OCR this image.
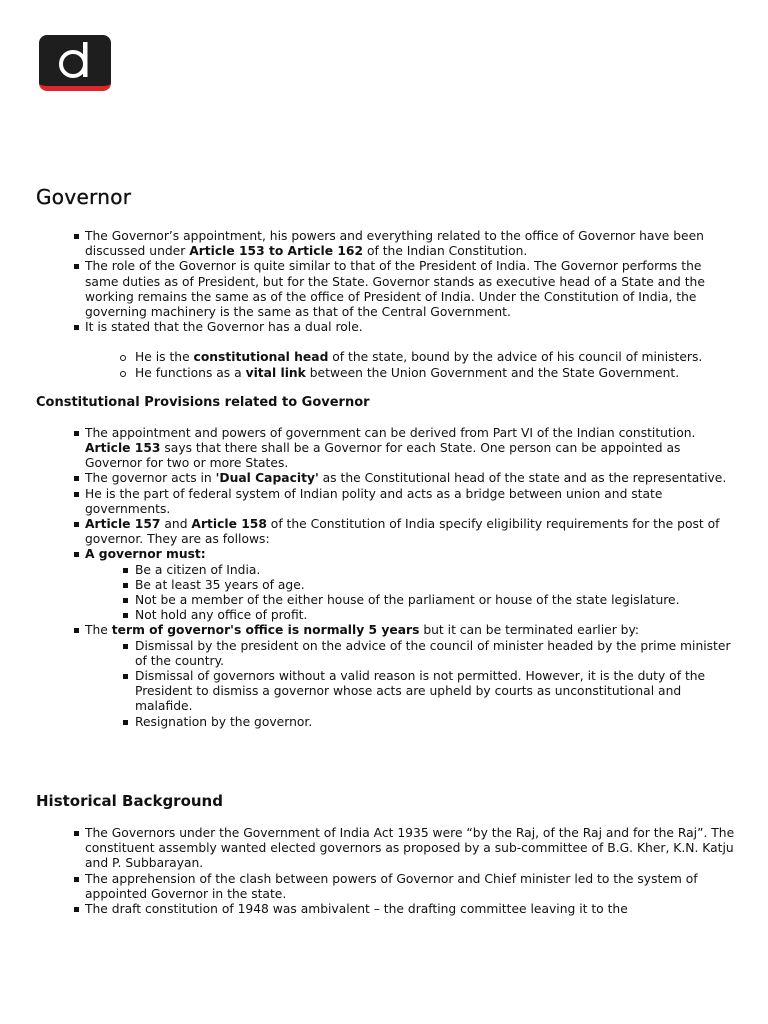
Governor
The Governor’s appointment, his powers and everything related to the office of Governor have been discussed under Article 153 to Article 162 of the Indian Constitution.
The role of the Governor is quite similar to that of the President of India. The Governor performs the same duties as of President, but for the State. Governor stands as executive head of a State and the working remains the same as of the office of President of India. Under the Constitution of India, the governing machinery is the same as that of the Central Government.
It is stated that the Governor has a dual role.
He is the constitutional head of the state, bound by the advice of his council of ministers.
He functions as a vital link between the Union Government and the State Government.
Constitutional Provisions related to Governor
The appointment and powers of government can be derived from Part VI of the Indian constitution. Article 153 says that there shall be a Governor for each State. One person can be appointed as Governor for two or more States.
The governor acts in 'Dual Capacity' as the Constitutional head of the state and as the representative.
He is the part of federal system of Indian polity and acts as a bridge between union and state governments.
Article 157 and Article 158 of the Constitution of India specify eligibility requirements for the post of governor. They are as follows:
A governor must:
Be a citizen of India.
Be at least 35 years of age.
Not be a member of the either house of the parliament or house of the state legislature.
Not hold any office of profit.
The term of governor's office is normally 5 years but it can be terminated earlier by:
Dismissal by the president on the advice of the council of minister headed by the prime minister of the country.
Dismissal of governors without a valid reason is not permitted. However, it is the duty of the President to dismiss a governor whose acts are upheld by courts as unconstitutional and malafide.
Resignation by the governor.
Historical Background
The Governors under the Government of India Act 1935 were “by the Raj, of the Raj and for the Raj”. The constituent assembly wanted elected governors as proposed by a sub-committee of B.G. Kher, K.N. Katju and P. Subbarayan.
The apprehension of the clash between powers of Governor and Chief minister led to the system of appointed Governor in the state.
The draft constitution of 1948 was ambivalent – the drafting committee leaving it to the
